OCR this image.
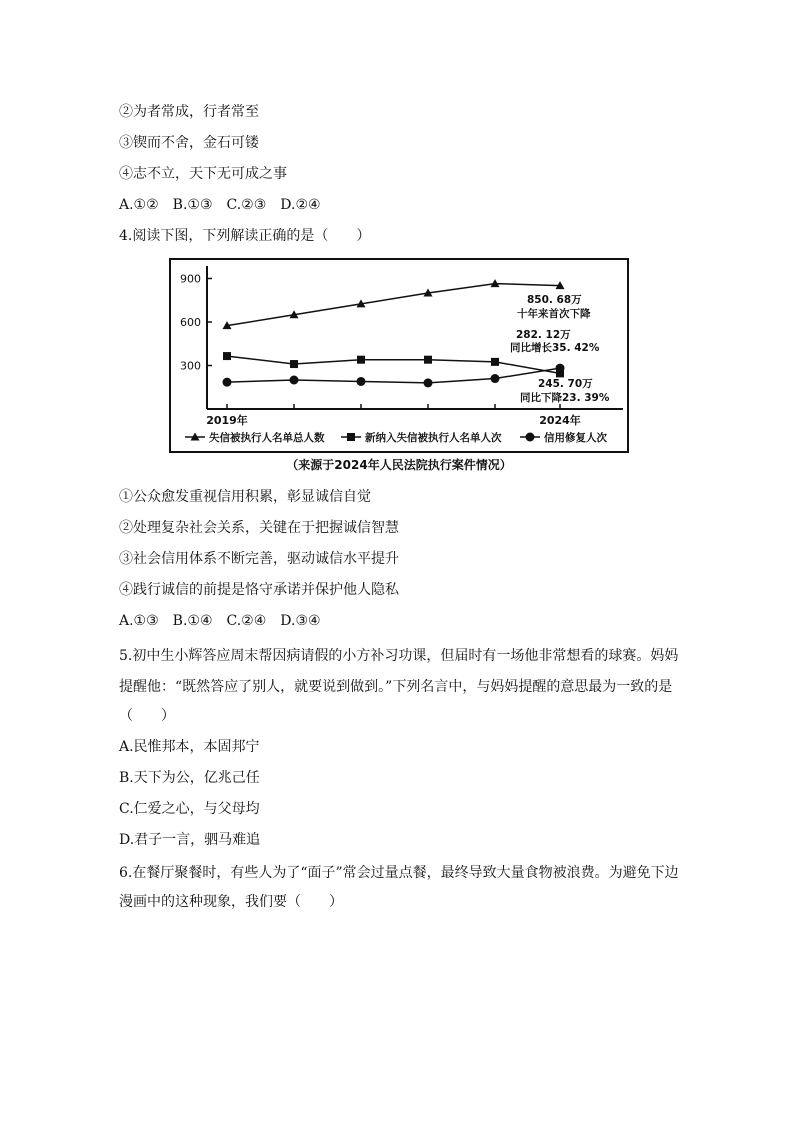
②为者常成，行者常至
③锲而不舍，金石可镂
④志不立，天下无可成之事
A.①②　B.①③　C.②③　D.②④
4.阅读下图，下列解读正确的是（　　）
300
600
900
2019年	2024年
850. 68万
十年来首次下降
282. 12万
同比增长35. 42%
245. 70万
同比下降23. 39%
失信被执行人名单总人数	新纳入失信被执行人名单人次	信用修复人次
（来源于2024年人民法院执行案件情况）
①公众愈发重视信用积累，彰显诚信自觉
②处理复杂社会关系，关键在于把握诚信智慧
③社会信用体系不断完善，驱动诚信水平提升
④践行诚信的前提是恪守承诺并保护他人隐私
A.①③　B.①④　C.②④　D.③④
5.初中生小辉答应周末帮因病请假的小方补习功课，但届时有一场他非常想看的球赛。妈妈
提醒他：“既然答应了别人，就要说到做到。”下列名言中，与妈妈提醒的意思最为一致的是
（　　）
A.民惟邦本，本固邦宁
B.天下为公，亿兆己任
C.仁爱之心，与父母均
D.君子一言，驷马难追
6.在餐厅聚餐时，有些人为了“面子”常会过量点餐，最终导致大量食物被浪费。为避免下边
漫画中的这种现象，我们要（　　）
